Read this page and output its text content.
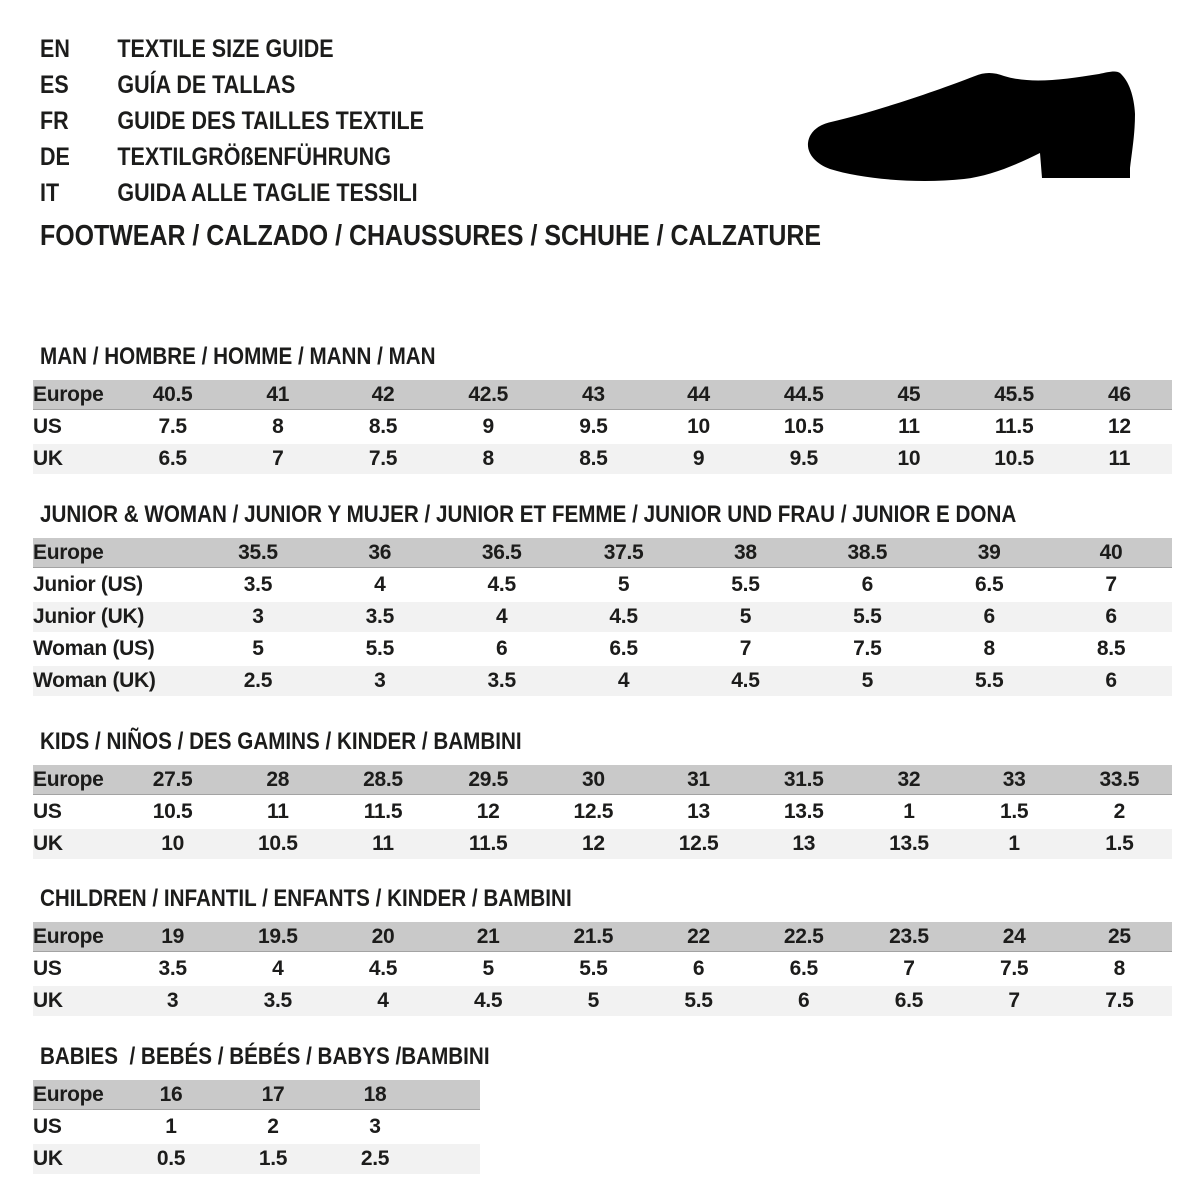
EN TEXTILE SIZE GUIDE
ES GUÍA DE TALLAS
FR GUIDE DES TAILLES TEXTILE
DE TEXTILGRÖßENFÜHRUNG
IT GUIDA ALLE TAGLIE TESSILI
FOOTWEAR / CALZADO / CHAUSSURES / SCHUHE / CALZATURE
MAN / HOMBRE / HOMME / MANN / MAN
Europe	40.5	41	42	42.5	43	44	44.5	45	45.5	46
US	7.5	8	8.5	9	9.5	10	10.5	11	11.5	12
UK	6.5	7	7.5	8	8.5	9	9.5	10	10.5	11
JUNIOR & WOMAN / JUNIOR Y MUJER / JUNIOR ET FEMME / JUNIOR UND FRAU / JUNIOR E DONA
Europe	35.5	36	36.5	37.5	38	38.5	39	40
Junior (US)	3.5	4	4.5	5	5.5	6	6.5	7
Junior (UK)	3	3.5	4	4.5	5	5.5	6	6
Woman (US)	5	5.5	6	6.5	7	7.5	8	8.5
Woman (UK)	2.5	3	3.5	4	4.5	5	5.5	6
KIDS / NIÑOS / DES GAMINS / KINDER / BAMBINI
Europe	27.5	28	28.5	29.5	30	31	31.5	32	33	33.5
US	10.5	11	11.5	12	12.5	13	13.5	1	1.5	2
UK	10	10.5	11	11.5	12	12.5	13	13.5	1	1.5
CHILDREN / INFANTIL / ENFANTS / KINDER / BAMBINI
Europe	19	19.5	20	21	21.5	22	22.5	23.5	24	25
US	3.5	4	4.5	5	5.5	6	6.5	7	7.5	8
UK	3	3.5	4	4.5	5	5.5	6	6.5	7	7.5
BABIES  / BEBÉS / BÉBÉS / BABYS /BAMBINI
Europe	16	17	18	
US	1	2	3	
UK	0.5	1.5	2.5	
